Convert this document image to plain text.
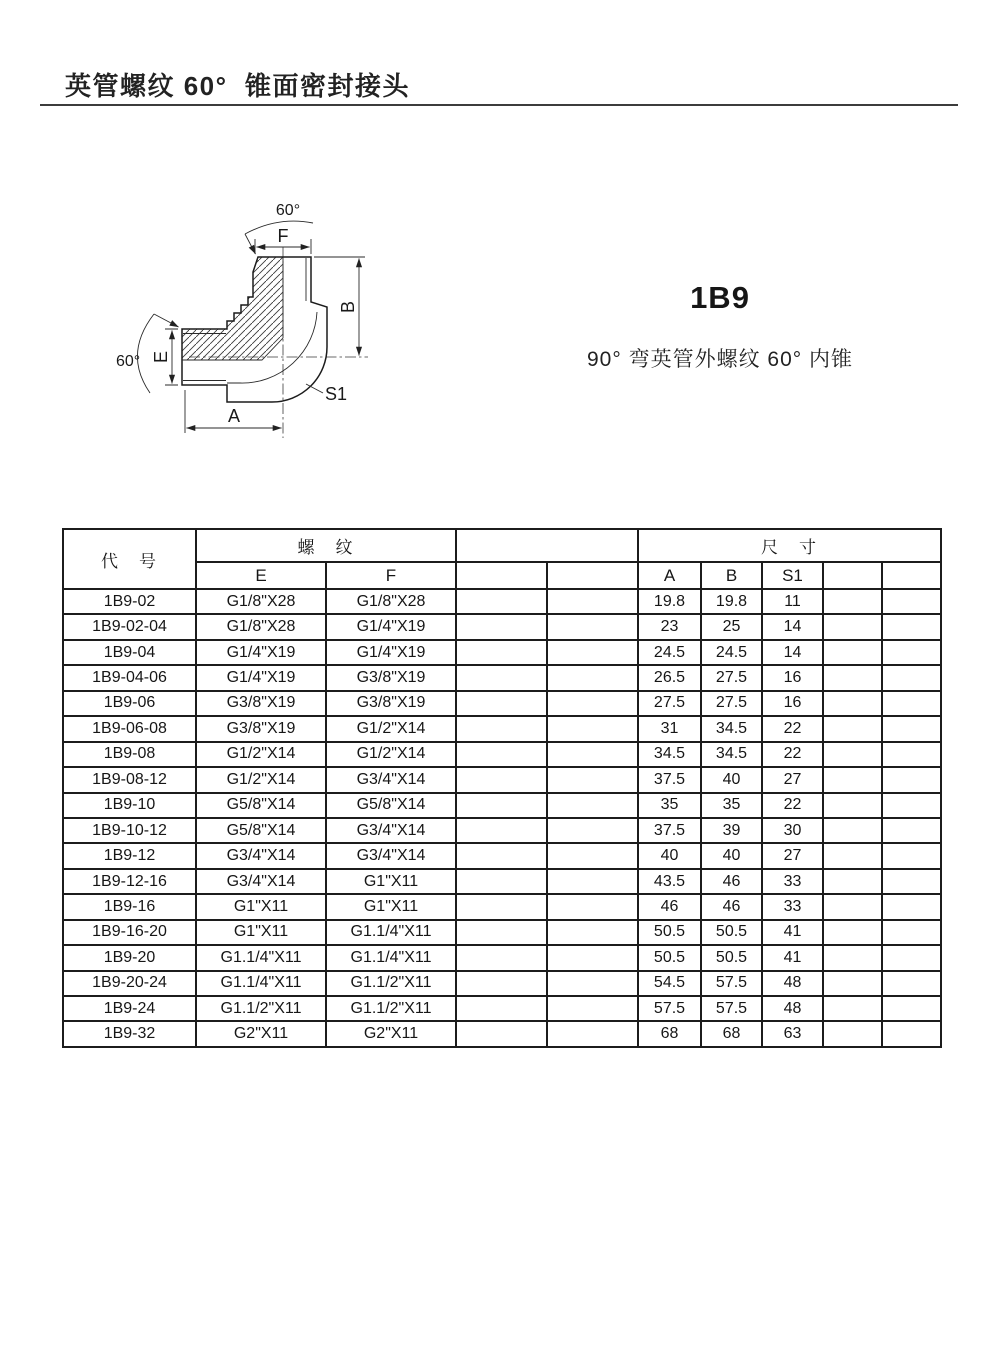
英管螺纹 60°  锥面密封接头
F
60°
B
E
60°
A
S1
1B9
90° 弯英管外螺纹 60° 内锥
代　号	螺　纹				尺　寸				
	E	F			A	B	S1		
1B9-02	G1/8"X28	G1/8"X28			19.8	19.8	11		
1B9-02-04	G1/8"X28	G1/4"X19			23	25	14		
1B9-04	G1/4"X19	G1/4"X19			24.5	24.5	14		
1B9-04-06	G1/4"X19	G3/8"X19			26.5	27.5	16		
1B9-06	G3/8"X19	G3/8"X19			27.5	27.5	16		
1B9-06-08	G3/8"X19	G1/2"X14			31	34.5	22		
1B9-08	G1/2"X14	G1/2"X14			34.5	34.5	22		
1B9-08-12	G1/2"X14	G3/4"X14			37.5	40	27		
1B9-10	G5/8"X14	G5/8"X14			35	35	22		
1B9-10-12	G5/8"X14	G3/4"X14			37.5	39	30		
1B9-12	G3/4"X14	G3/4"X14			40	40	27		
1B9-12-16	G3/4"X14	G1"X11			43.5	46	33		
1B9-16	G1"X11	G1"X11			46	46	33		
1B9-16-20	G1"X11	G1.1/4"X11			50.5	50.5	41		
1B9-20	G1.1/4"X11	G1.1/4"X11			50.5	50.5	41		
1B9-20-24	G1.1/4"X11	G1.1/2"X11			54.5	57.5	48		
1B9-24	G1.1/2"X11	G1.1/2"X11			57.5	57.5	48		
1B9-32	G2"X11	G2"X11			68	68	63		
